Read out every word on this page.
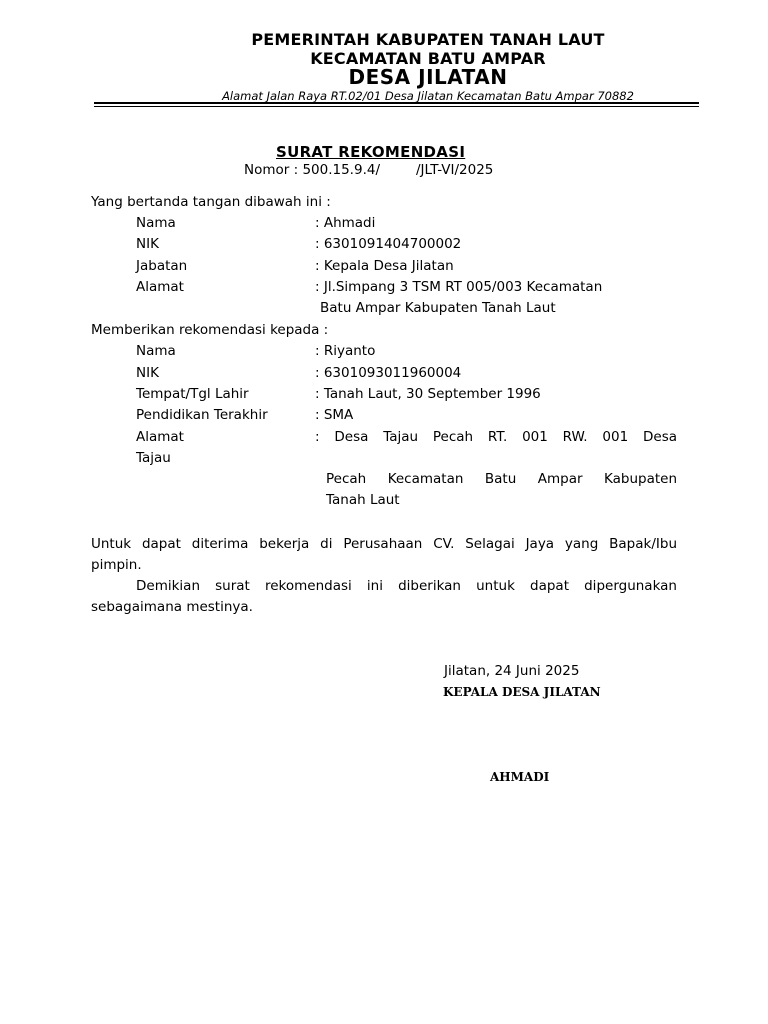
PEMERINTAH KABUPATEN TANAH LAUT
KECAMATAN BATU AMPAR
DESA JILATAN
Alamat Jalan Raya RT.02/01 Desa Jilatan Kecamatan Batu Ampar 70882
SURAT REKOMENDASI
Nomor : 500.15.9.4/	/JLT-VI/2025
Yang bertanda tangan dibawah ini :
Nama	: Ahmadi
NIK	: 6301091404700002
Jabatan	: Kepala Desa Jilatan
Alamat	: Jl.Simpang 3 TSM RT 005/003 Kecamatan
Batu Ampar Kabupaten Tanah Laut
Memberikan rekomendasi kepada :
Nama	: Riyanto
NIK	: 6301093011960004
Tempat/Tgl Lahir	: Tanah Laut, 30 September 1996
Pendidikan Terakhir	: SMA
Alamat	: Desa Tajau Pecah RT. 001 RW. 001 Desa
Tajau
Pecah Kecamatan Batu Ampar Kabupaten
Tanah Laut
Untuk dapat diterima bekerja di Perusahaan CV. Selagai Jaya yang Bapak/Ibu
pimpin.
Demikian surat rekomendasi ini diberikan untuk dapat dipergunakan
sebagaimana mestinya.
Jilatan, 24 Juni 2025
KEPALA DESA JILATAN
AHMADI
